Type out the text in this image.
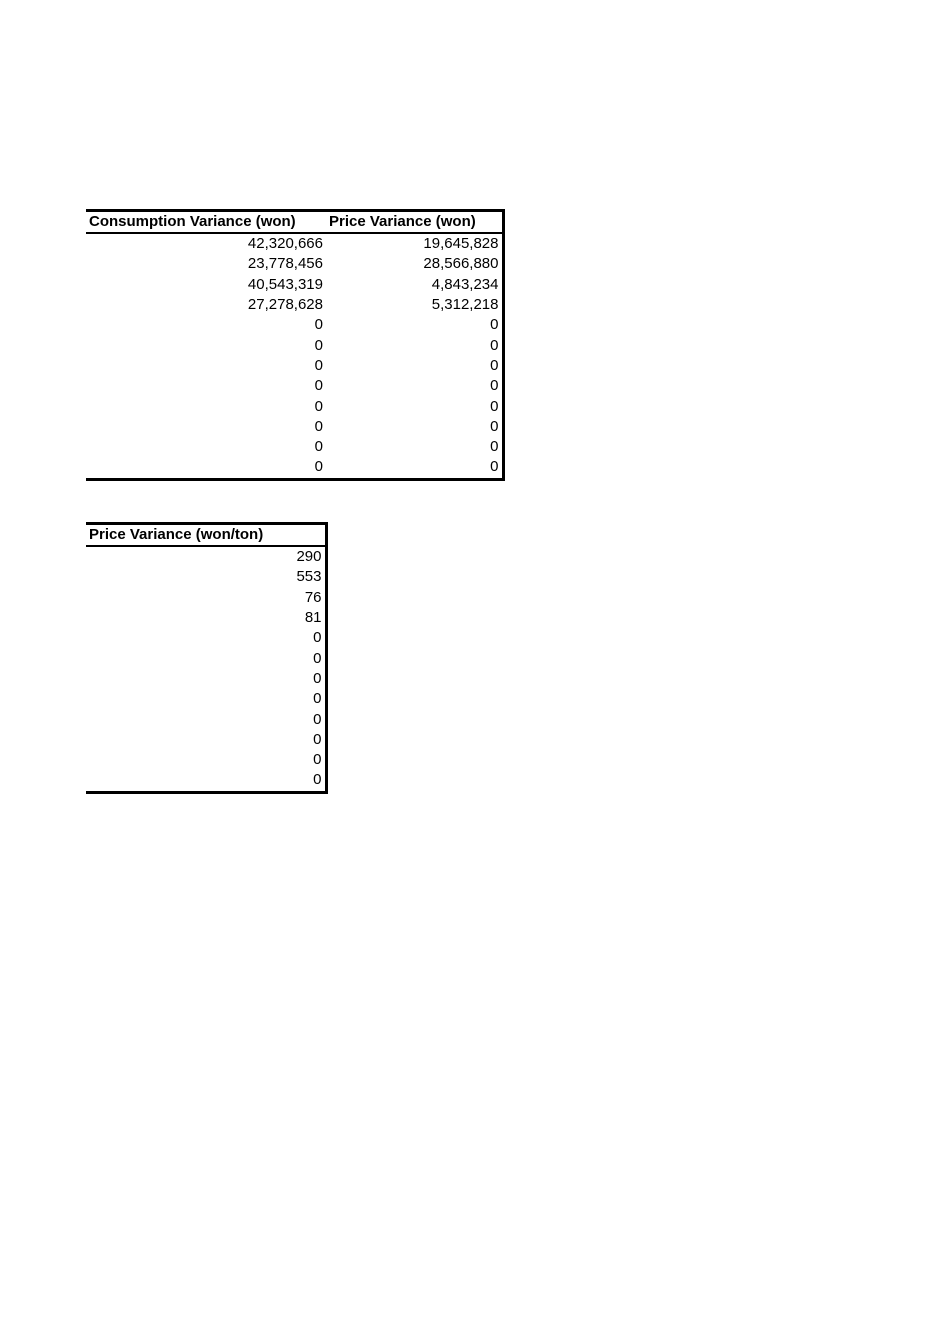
Consumption Variance (won)	Price Variance (won)
42,320,666	19,645,828
23,778,456	28,566,880
40,543,319	4,843,234
27,278,628	5,312,218
0	0
0	0
0	0
0	0
0	0
0	0
0	0
0	0
Price Variance (won/ton)
290
553
76
81
0
0
0
0
0
0
0
0
